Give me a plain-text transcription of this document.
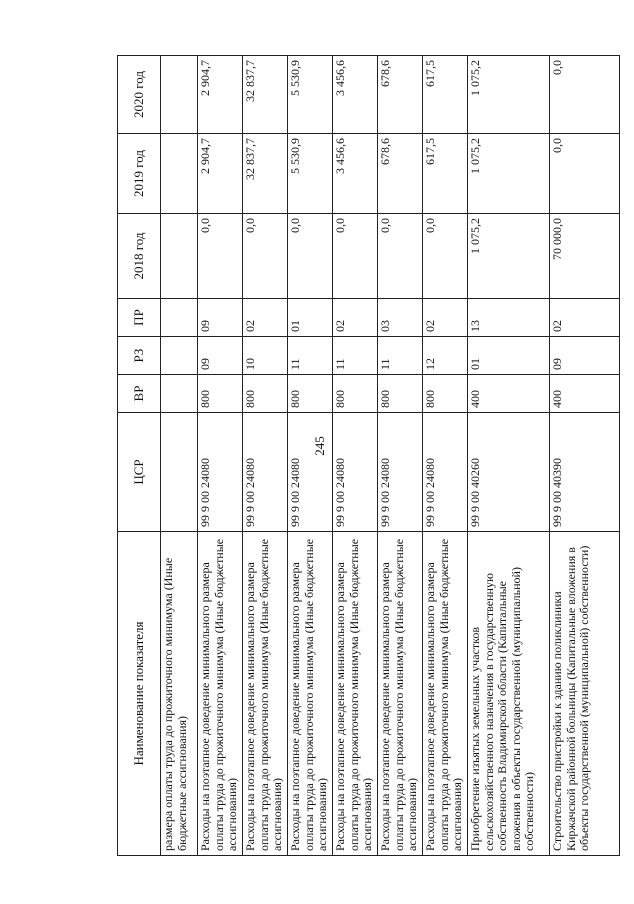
245
Наименование показателя	ЦСР	ВР	РЗ	ПР	2018 год	2019 год	2020 год
размера оплаты труда до прожиточного минимума (Иные бюджетные ассигнования)							
Расходы на поэтапное доведение минимального размера оплаты труда до прожиточного минимума (Иные бюджетные ассигнования)	99 9 00 24080	800	09	09	0,0	2 904,7	2 904,7
Расходы на поэтапное доведение минимального размера оплаты труда до прожиточного минимума (Иные бюджетные ассигнования)	99 9 00 24080	800	10	02	0,0	32 837,7	32 837,7
Расходы на поэтапное доведение минимального размера оплаты труда до прожиточного минимума (Иные бюджетные ассигнования)	99 9 00 24080	800	11	01	0,0	5 530,9	5 530,9
Расходы на поэтапное доведение минимального размера оплаты труда до прожиточного минимума (Иные бюджетные ассигнования)	99 9 00 24080	800	11	02	0,0	3 456,6	3 456,6
Расходы на поэтапное доведение минимального размера оплаты труда до прожиточного минимума (Иные бюджетные ассигнования)	99 9 00 24080	800	11	03	0,0	678,6	678,6
Расходы на поэтапное доведение минимального размера оплаты труда до прожиточного минимума (Иные бюджетные ассигнования)	99 9 00 24080	800	12	02	0,0	617,5	617,5
Приобретение изъятых земельных участков сельскохозяйственного назначения в государственную собственность Владимирской области (Капитальные вложения в объекты государственной (муниципальной) собственности)	99 9 00 40260	400	01	13	1 075,2	1 075,2	1 075,2
Строительство пристройки к зданию поликлиники Киржачской районной больницы (Капитальные вложения в объекты государственной (муниципальной) собственности)	99 9 00 40390	400	09	02	70 000,0	0,0	0,0
